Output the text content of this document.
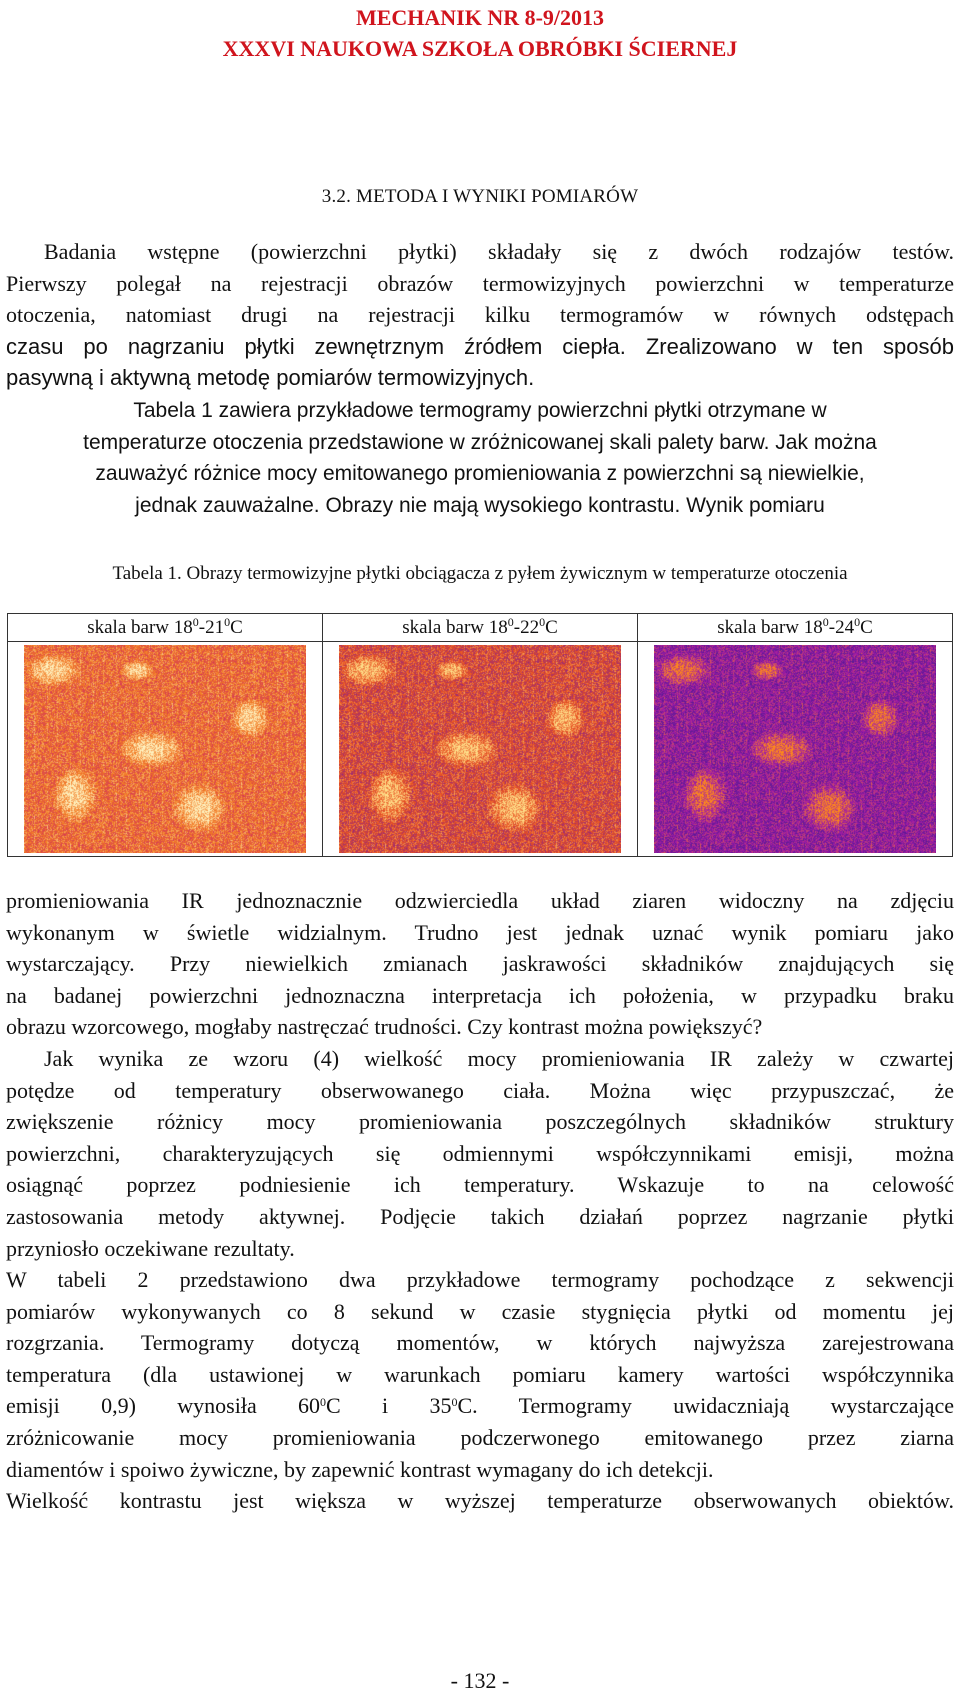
MECHANIK NR 8-9/2013
XXXVI NAUKOWA SZKOŁA OBRÓBKI ŚCIERNEJ
3.2. METODA I WYNIKI POMIARÓW

Badania wstępne (powierzchni płytki) składały się z dwóch rodzajów testów.

Pierwszy polegał na rejestracji obrazów termowizyjnych powierzchni w temperaturze

otoczenia, natomiast drugi na rejestracji kilku termogramów w równych odstępach

czasu po nagrzaniu płytki zewnętrznym źródłem ciepła. Zrealizowano w ten sposób

pasywną i aktywną metodę pomiarów termowizyjnych.

Tabela 1 zawiera przykładowe termogramy powierzchni płytki otrzymane w

temperaturze otoczenia przedstawione w zróżnicowanej skali palety barw. Jak można

zauważyć różnice mocy emitowanego promieniowania z powierzchni są niewielkie,

jednak zauważalne. Obrazy nie mają wysokiego kontrastu. Wynik pomiaru

Tabela 1. Obrazy termowizyjne płytki obciągacza z pyłem żywicznym w temperaturze otoczenia
skala barw $18^0-21^0C$	skala barw $18^0-22^0C$	skala barw $18^0-24^0C$

promieniowania IR jednoznacznie odzwierciedla układ ziaren widoczny na zdjęciu

wykonanym w świetle widzialnym. Trudno jest jednak uznać wynik pomiaru jako

wystarczający. Przy niewielkich zmianach jaskrawości składników znajdujących się

na badanej powierzchni jednoznaczna interpretacja ich położenia, w przypadku braku

obrazu wzorcowego, mogłaby nastręczać trudności. Czy kontrast można powiększyć?

Jak wynika ze wzoru (4) wielkość mocy promieniowania IR zależy w czwartej

potędze od temperatury obserwowanego ciała. Można więc przypuszczać, że

zwiększenie różnicy mocy promieniowania poszczególnych składników struktury

powierzchni, charakteryzujących się odmiennymi współczynnikami emisji, można

osiągnąć poprzez podniesienie ich temperatury. Wskazuje to na celowość

zastosowania metody aktywnej. Podjęcie takich działań poprzez nagrzanie płytki

przyniosło oczekiwane rezultaty.

W tabeli 2 przedstawiono dwa przykładowe termogramy pochodzące z sekwencji

pomiarów wykonywanych co 8 sekund w czasie stygnięcia płytki od momentu jej

rozgrzania. Termogramy dotyczą momentów, w których najwyższa zarejestrowana

temperatura (dla ustawionej w warunkach pomiaru kamery wartości współczynnika

emisji 0,9) wynosiła $60^0C$ i $35^0C$. Termogramy uwidaczniają wystarczające

zróżnicowanie mocy promieniowania podczerwonego emitowanego przez ziarna

diamentów i spoiwo żywiczne, by zapewnić kontrast wymagany do ich detekcji.

Wielkość kontrastu jest większa w wyższej temperaturze obserwowanych obiektów.

- 132 -
